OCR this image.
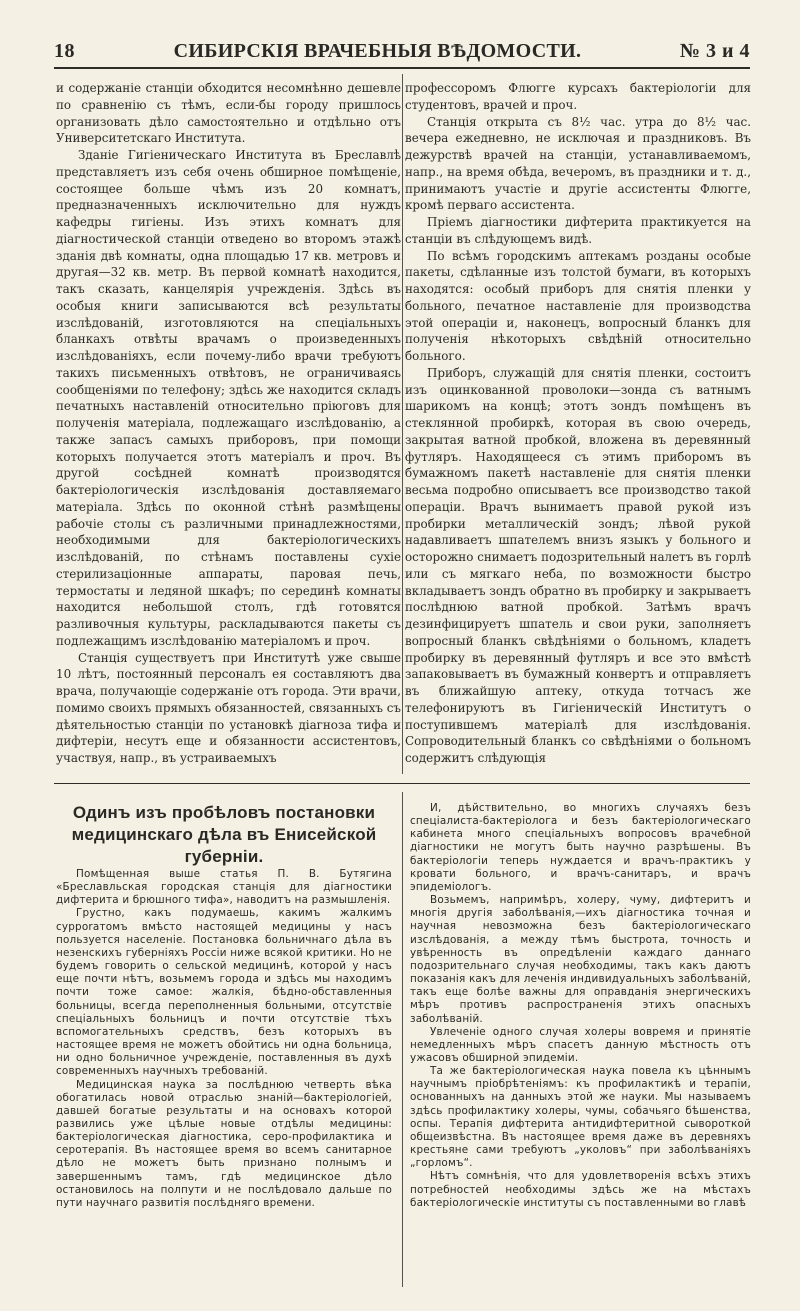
18	СИБИРСКІЯ ВРАЧЕБНЫЯ ВѢДОМОСТИ.	№ 3 и 4

и содержаніе станціи обходится несомнѣнно дешевле по сравненію съ тѣмъ, если-бы городу пришлось организовать дѣло самостоятельно и отдѣльно отъ Университетскаго Института.

Зданіе Гигіеническаго Института въ Бреславлѣ представляетъ изъ себя очень обширное помѣщеніе, состоящее больше чѣмъ изъ 20 комнатъ, предназначенныхъ исключительно для нуждъ кафедры гигіены. Изъ этихъ комнатъ для діагностической станціи отведено во второмъ этажѣ зданія двѣ комнаты, одна площадью 17 кв. метровъ и другая—32 кв. метр. Въ первой комнатѣ находится, такъ сказать, канцелярія учрежденія. Здѣсь въ особыя книги записываются всѣ результаты изслѣдованій, изготовляются на спеціальныхъ бланкахъ отвѣты врачамъ о произведенныхъ изслѣдованіяхъ, если почему-либо врачи требуютъ такихъ письменныхъ отвѣтовъ, не ограничиваясь сообщеніями по телефону; здѣсь же находится складъ печатныхъ наставленій относительно пріюговъ для полученія матеріала, подлежащаго изслѣдованію, а также запасъ самыхъ приборовъ, при помощи которыхъ получается этотъ матеріалъ и проч. Въ другой сосѣдней комнатѣ производятся бактеріологическія изслѣдованія доставляемаго матеріала. Здѣсь по оконной стѣнѣ размѣщены рабочіе столы съ различными принадлежностями, необходимыми для бактеріологическихъ изслѣдованій, по стѣнамъ поставлены сухіе стерилизаціонные аппараты, паровая печь, термостаты и ледяной шкафъ; по серединѣ комнаты находится небольшой столъ, гдѣ готовятся разливочныя культуры, раскладываются пакеты съ подлежащимъ изслѣдованію матеріаломъ и проч.

Станція существуетъ при Институтѣ уже свыше 10 лѣтъ, постоянный персоналъ ея составляютъ два врача, получающіе содержаніе отъ города. Эти врачи, помимо своихъ прямыхъ обязанностей, связанныхъ съ дѣятельностью станціи по установкѣ діагноза тифа и дифтеріи, несутъ еще и обязанности ассистентовъ, участвуя, напр., въ устраиваемыхъ

профессоромъ Флюгге курсахъ бактеріологіи для студентовъ, врачей и проч.

Станція открыта съ 8½ час. утра до 8½ час. вечера ежедневно, не исключая и праздниковъ. Въ дежурствѣ врачей на станціи, устанавливаемомъ, напр., на время обѣда, вечеромъ, въ праздники и т. д., принимаютъ участіе и другіе ассистенты Флюгге, кромѣ перваго ассистента.

Пріемъ діагностики дифтерита практикуется на станціи въ слѣдующемъ видѣ.

По всѣмъ городскимъ аптекамъ розданы особые пакеты, сдѣланные изъ толстой бумаги, въ которыхъ находятся: особый приборъ для снятія пленки у больного, печатное наставленіе для производства этой операціи и, наконецъ, вопросный бланкъ для полученія нѣкоторыхъ свѣдѣній относительно больного.

Приборъ, служащій для снятія пленки, состоитъ изъ оцинкованной проволоки—зонда съ ватнымъ шарикомъ на концѣ; этотъ зондъ помѣщенъ въ стеклянной пробиркѣ, которая въ свою очередь, закрытая ватной пробкой, вложена въ деревянный футляръ. Находящееся съ этимъ приборомъ въ бумажномъ пакетѣ наставленіе для снятія пленки весьма подробно описываетъ все производство такой операціи. Врачъ вынимаетъ правой рукой изъ пробирки металлическій зондъ; лѣвой рукой надавливаетъ шпателемъ внизъ языкъ у больного и осторожно снимаетъ подозрительный налетъ въ горлѣ или съ мягкаго неба, по возможности быстро вкладываетъ зондъ обратно въ пробирку и закрываетъ послѣднюю ватной пробкой. Затѣмъ врачъ дезинфицируетъ шпатель и свои руки, заполняетъ вопросный бланкъ свѣдѣніями о больномъ, кладетъ пробирку въ деревянный футляръ и все это вмѣстѣ запаковываетъ въ бумажный конвертъ и отправляетъ въ ближайшую аптеку, откуда тотчасъ же телефонируютъ въ Гигіеническій Институтъ о поступившемъ матеріалѣ для изслѣдованія. Сопроводительный бланкъ со свѣдѣніями о больномъ содержитъ слѣдующія

Одинъ изъ пробѣловъ постановки медицинскаго дѣла въ Енисейской губерніи.

Помѣщенная выше статья П. В. Бутягина «Бреславльская городская станція для діагностики дифтерита и брюшного тифа», наводитъ на размышленія.

Грустно, какъ подумаешь, какимъ жалкимъ сурроrатомъ вмѣсто настоящей медицины у насъ пользуется населеніе. Постановка больничнаго дѣла въ незенскихъ губерніяхъ Россіи ниже всякой критики. Но не будемъ говорить о сельской медицинѣ, которой у насъ еще почти нѣтъ, возьмемъ города и здѣсь мы находимъ почти тоже самое: жалкія, бѣдно-обставленныя больницы, всегда переполненныя больными, отсутствіе спеціальныхъ больницъ и почти отсутствіе тѣхъ вспомогательныхъ средствъ, безъ которыхъ въ настоящее время не можетъ обойтись ни одна больница, ни одно больничное учрежденіе, поставленныя въ духѣ современныхъ научныхъ требованій.

Медицинская наука за послѣднюю четверть вѣка обогатилась новой отраслью знаній—бактеріологіей, давшей богатые результаты и на основахъ которой развились уже цѣлые новые отдѣлы медицины: бактеріологическая діагностика, серо-профилактика и серотерапія. Въ настоящее время во всемъ санитарное дѣло не можетъ быть признано полнымъ и завершеннымъ тамъ, гдѣ медицинское дѣло остановилось на полпути и не послѣдовало дальше по пути научнаго развитія послѣдняго времени.

И, дѣйствительно, во многихъ случаяхъ безъ спеціалиста-бактеріолога и безъ бактеріологическаго кабинета много спеціальныхъ вопросовъ врачебной діагностики не могутъ быть научно разрѣшены. Въ бактеріологіи теперь нуждается и врачъ-практикъ у кровати больного, и врачъ-санитаръ, и врачъ эпидеміологъ.

Возьмемъ, напримѣръ, холеру, чуму, дифтеритъ и многія другія заболѣванія,—ихъ діагностика точная и научная невозможна безъ бактеріологическаго изслѣдованія, а между тѣмъ быстрота, точность и увѣренность въ опредѣленіи каждаго даннаго подозрительнаго случая необходимы, такъ какъ даютъ показанія какъ для леченія индивидуальныхъ заболѣваній, такъ еще болѣе важны для оправданія энергическихъ мѣръ противъ распространенія этихъ опасныхъ заболѣваній.

Увлеченіе одного случая холеры вовремя и принятіе немедленныхъ мѣръ спасетъ данную мѣстность отъ ужасовъ обширной эпидеміи.

Та же бактеріологическая наука повела къ цѣннымъ научнымъ пріобрѣтеніямъ: къ профилактикѣ и терапіи, основанныхъ на данныхъ этой же науки. Мы называемъ здѣсь профилактику холеры, чумы, собачьяго бѣшенства, оспы. Терапія дифтерита антидифтеритной сывороткой общеизвѣстна. Въ настоящее время даже въ деревняхъ крестьяне сами требуютъ „уколовъ“ при заболѣваніяхъ „горломъ“.

Нѣтъ сомнѣнія, что для удовлетворенія всѣхъ этихъ потребностей необходимы здѣсь же на мѣстахъ бактеріологическіе институты съ поставленными во главѣ
